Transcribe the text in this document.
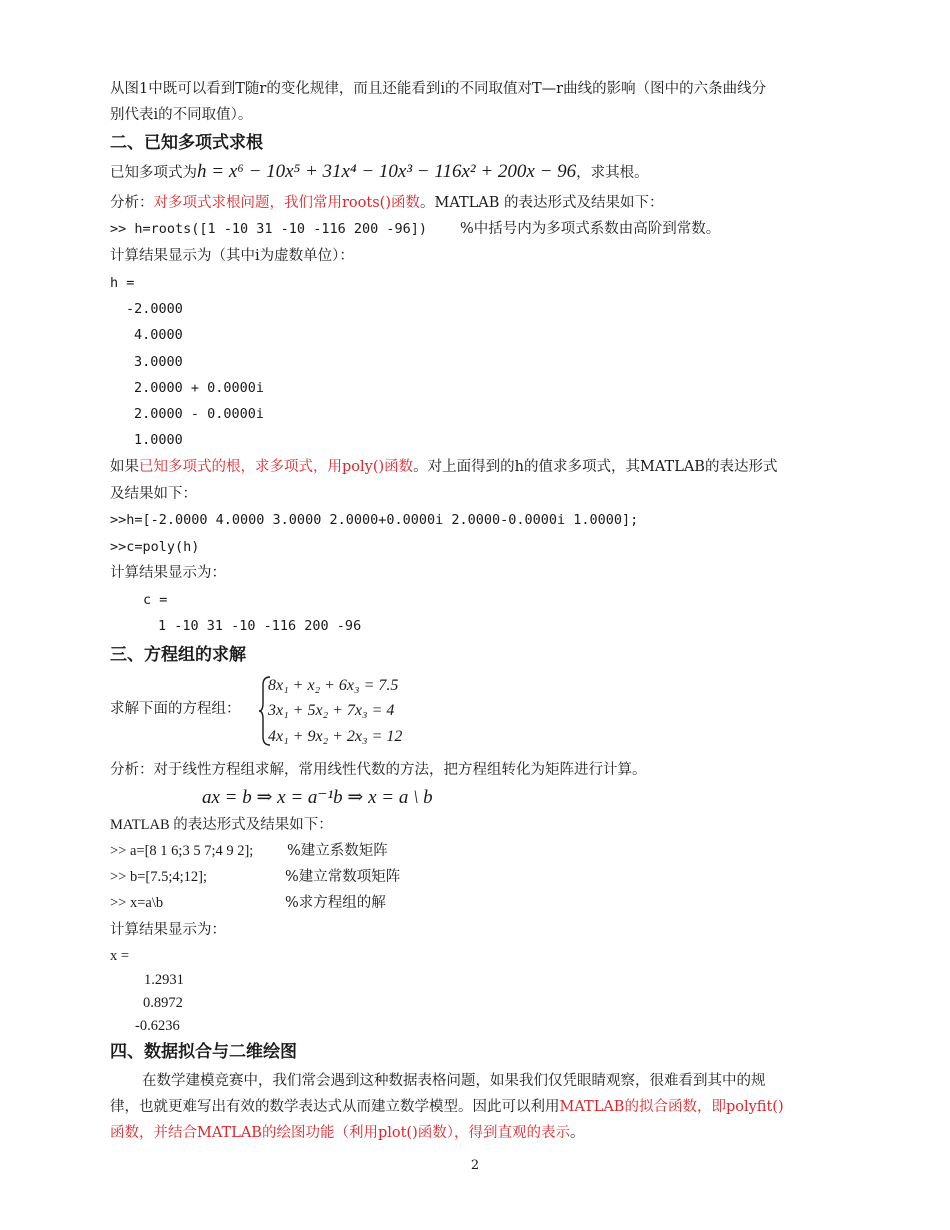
从图1中既可以看到T随r的变化规律，而且还能看到i的不同取值对T—r曲线的影响（图中的六条曲线分
别代表i的不同取值）。
二、已知多项式求根
已知多项式为h = x⁶ − 10x⁵ + 31x⁴ − 10x³ − 116x² + 200x − 96，求其根。
分析：对多项式求根问题，我们常用roots()函数。MATLAB 的表达形式及结果如下：
>> h=roots([1 -10 31 -10 -116 200 -96]) %中括号内为多项式系数由高阶到常数。
计算结果显示为（其中i为虚数单位）：
h =
-2.0000
4.0000
3.0000
2.0000 + 0.0000i
2.0000 - 0.0000i
1.0000
如果已知多项式的根，求多项式，用poly()函数。对上面得到的h的值求多项式，其MATLAB的表达形式
及结果如下：
>>h=[-2.0000 4.0000 3.0000 2.0000+0.0000i 2.0000-0.0000i 1.0000];
>>c=poly(h)
计算结果显示为：
c =
1 -10 31 -10 -116 200 -96
三、方程组的求解
求解下面的方程组：
8x₁ + x₂ + 6x₃ = 7.5
3x₁ + 5x₂ + 7x₃ = 4
4x₁ + 9x₂ + 2x₃ = 12
分析：对于线性方程组求解，常用线性代数的方法，把方程组转化为矩阵进行计算。
ax = b ⇒ x = a⁻¹b ⇒ x = a \ b
MATLAB 的表达形式及结果如下：
>> a=[8 1 6;3 5 7;4 9 2]; %建立系数矩阵
>> b=[7.5;4;12];	%建立常数项矩阵
>> x=a\b	%求方程组的解
计算结果显示为：
x =
1.2931
0.8972
-0.6236
四、数据拟合与二维绘图
在数学建模竞赛中，我们常会遇到这种数据表格问题，如果我们仅凭眼睛观察，很难看到其中的规
律，也就更难写出有效的数学表达式从而建立数学模型。因此可以利用MATLAB的拟合函数，即polyfit()
函数，并结合MATLAB的绘图功能（利用plot()函数），得到直观的表示。
2
